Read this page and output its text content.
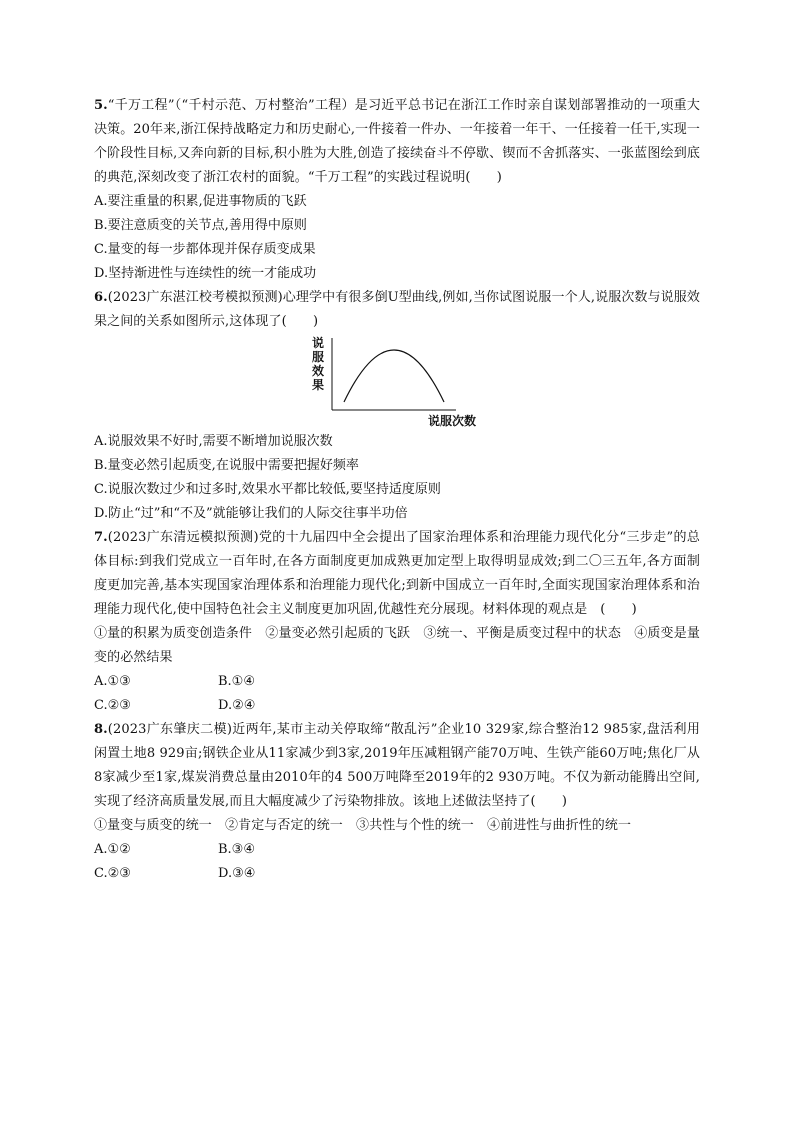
5.“千万工程”（“千村示范、万村整治”工程）是习近平总书记在浙江工作时亲自谋划部署推动的一项重大决策。20年来,浙江保持战略定力和历史耐心,一件接着一件办、一年接着一年干、一任接着一任干,实现一个阶段性目标,又奔向新的目标,积小胜为大胜,创造了接续奋斗不停歇、锲而不舍抓落实、一张蓝图绘到底的典范,深刻改变了浙江农村的面貌。“千万工程”的实践过程说明(　　)
A.要注重量的积累,促进事物质的飞跃
B.要注意质变的关节点,善用得中原则
C.量变的每一步都体现并保存质变成果
D.坚持渐进性与连续性的统一才能成功
6.(2023广东湛江校考模拟预测)心理学中有很多倒U型曲线,例如,当你试图说服一个人,说服次数与说服效果之间的关系如图所示,这体现了(　　)
说服效果
说服次数
A.说服效果不好时,需要不断增加说服次数
B.量变必然引起质变,在说服中需要把握好频率
C.说服次数过少和过多时,效果水平都比较低,要坚持适度原则
D.防止“过”和“不及”就能够让我们的人际交往事半功倍
7.(2023广东清远模拟预测)党的十九届四中全会提出了国家治理体系和治理能力现代化分“三步走”的总体目标:到我们党成立一百年时,在各方面制度更加成熟更加定型上取得明显成效;到二〇三五年,各方面制度更加完善,基本实现国家治理体系和治理能力现代化;到新中国成立一百年时,全面实现国家治理体系和治理能力现代化,使中国特色社会主义制度更加巩固,优越性充分展现。材料体现的观点是　(　　)
①量的积累为质变创造条件　②量变必然引起质的飞跃　③统一、平衡是质变过程中的状态　④质变是量变的必然结果
A.①③	B.①④
C.②③	D.②④
8.(2023广东肇庆二模)近两年,某市主动关停取缔“散乱污”企业10 329家,综合整治12 985家,盘活利用闲置土地8 929亩;钢铁企业从11家减少到3家,2019年压减粗钢产能70万吨、生铁产能60万吨;焦化厂从8家减少至1家,煤炭消费总量由2010年的4 500万吨降至2019年的2 930万吨。不仅为新动能腾出空间,实现了经济高质量发展,而且大幅度减少了污染物排放。该地上述做法坚持了(　　)
①量变与质变的统一　②肯定与否定的统一　③共性与个性的统一　④前进性与曲折性的统一
A.①②	B.③④
C.②③	D.③④
